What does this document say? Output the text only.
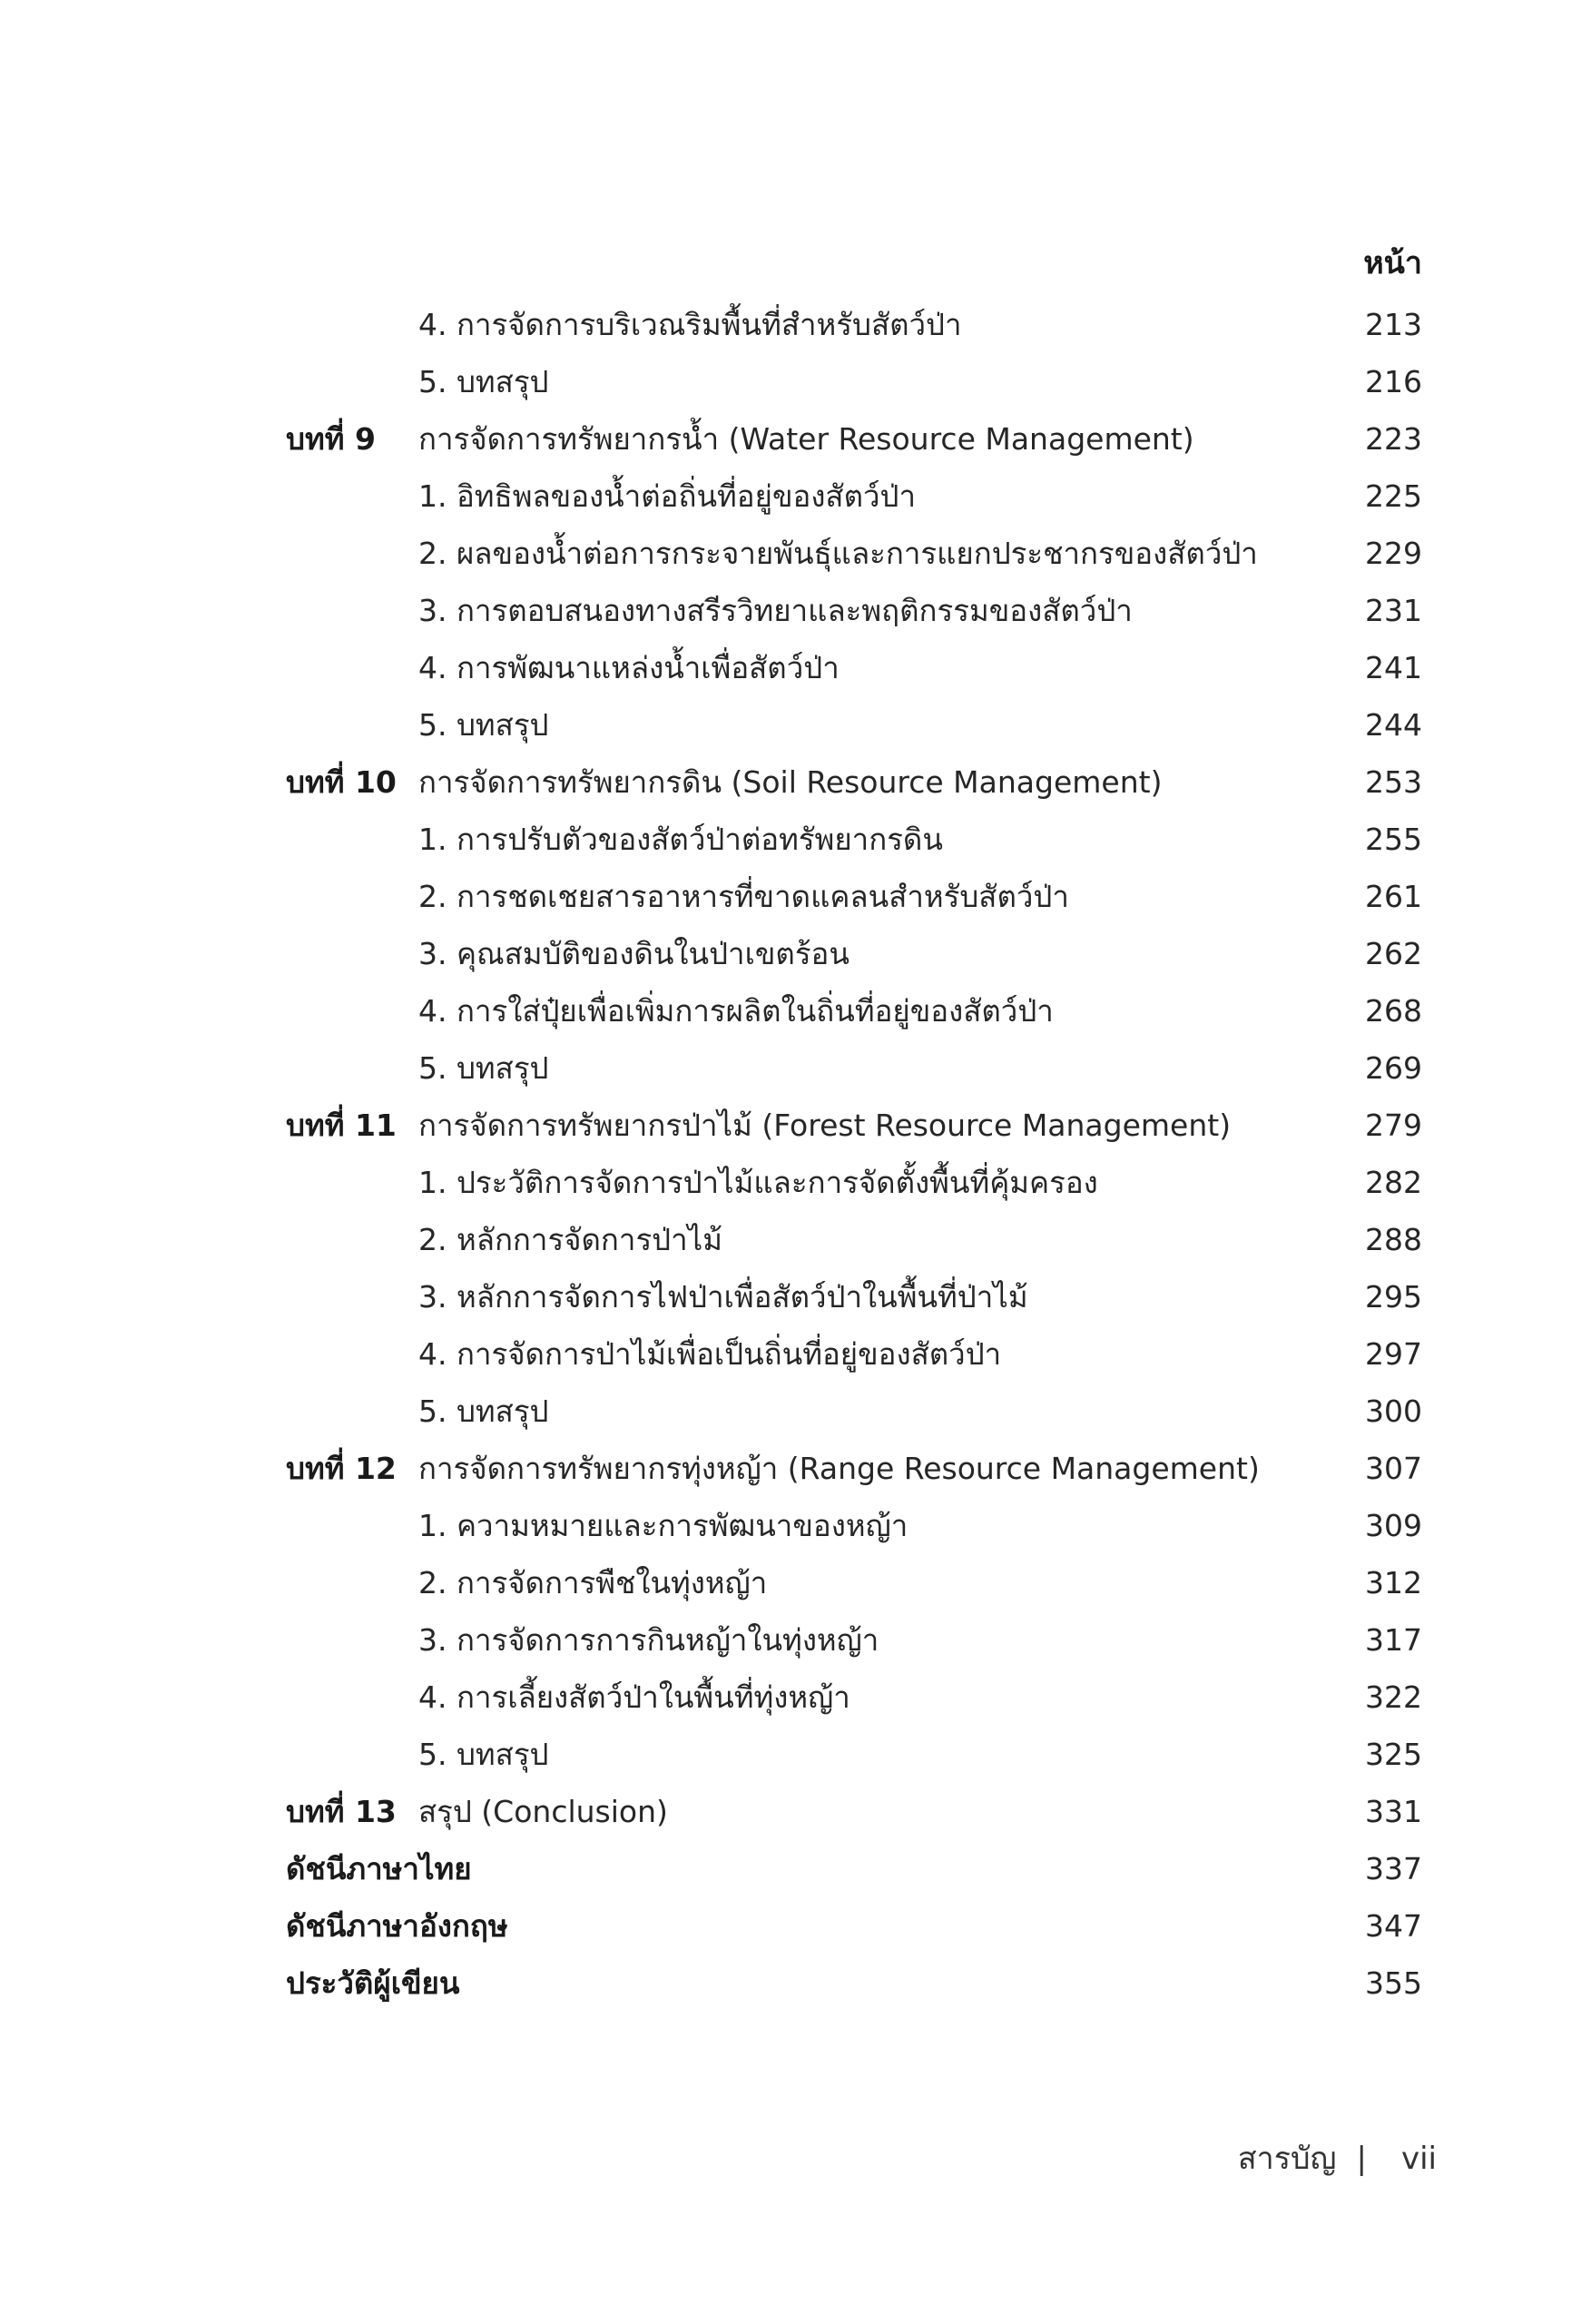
หน้า
4. การจัดการบริเวณริมพื้นที่สำหรับสัตว์ป่า	213
5. บทสรุป	216
บทที่ 9 การจัดการทรัพยากรน้ำ (Water Resource Management)	223
1. อิทธิพลของน้ำต่อถิ่นที่อยู่ของสัตว์ป่า	225
2. ผลของน้ำต่อการกระจายพันธุ์และการแยกประชากรของสัตว์ป่า	229
3. การตอบสนองทางสรีรวิทยาและพฤติกรรมของสัตว์ป่า	231
4. การพัฒนาแหล่งน้ำเพื่อสัตว์ป่า	241
5. บทสรุป	244
บทที่ 10 การจัดการทรัพยากรดิน (Soil Resource Management)	253
1. การปรับตัวของสัตว์ป่าต่อทรัพยากรดิน	255
2. การชดเชยสารอาหารที่ขาดแคลนสำหรับสัตว์ป่า	261
3. คุณสมบัติของดินในป่าเขตร้อน	262
4. การใส่ปุ๋ยเพื่อเพิ่มการผลิตในถิ่นที่อยู่ของสัตว์ป่า	268
5. บทสรุป	269
บทที่ 11 การจัดการทรัพยากรป่าไม้ (Forest Resource Management)	279
1. ประวัติการจัดการป่าไม้และการจัดตั้งพื้นที่คุ้มครอง	282
2. หลักการจัดการป่าไม้	288
3. หลักการจัดการไฟป่าเพื่อสัตว์ป่าในพื้นที่ป่าไม้	295
4. การจัดการป่าไม้เพื่อเป็นถิ่นที่อยู่ของสัตว์ป่า	297
5. บทสรุป	300
บทที่ 12 การจัดการทรัพยากรทุ่งหญ้า (Range Resource Management)	307
1. ความหมายและการพัฒนาของหญ้า	309
2. การจัดการพืชในทุ่งหญ้า	312
3. การจัดการการกินหญ้าในทุ่งหญ้า	317
4. การเลี้ยงสัตว์ป่าในพื้นที่ทุ่งหญ้า	322
5. บทสรุป	325
บทที่ 13 สรุป (Conclusion)	331
ดัชนีภาษาไทย	337
ดัชนีภาษาอังกฤษ	347
ประวัติผู้เขียน	355
สารบัญ | vii
